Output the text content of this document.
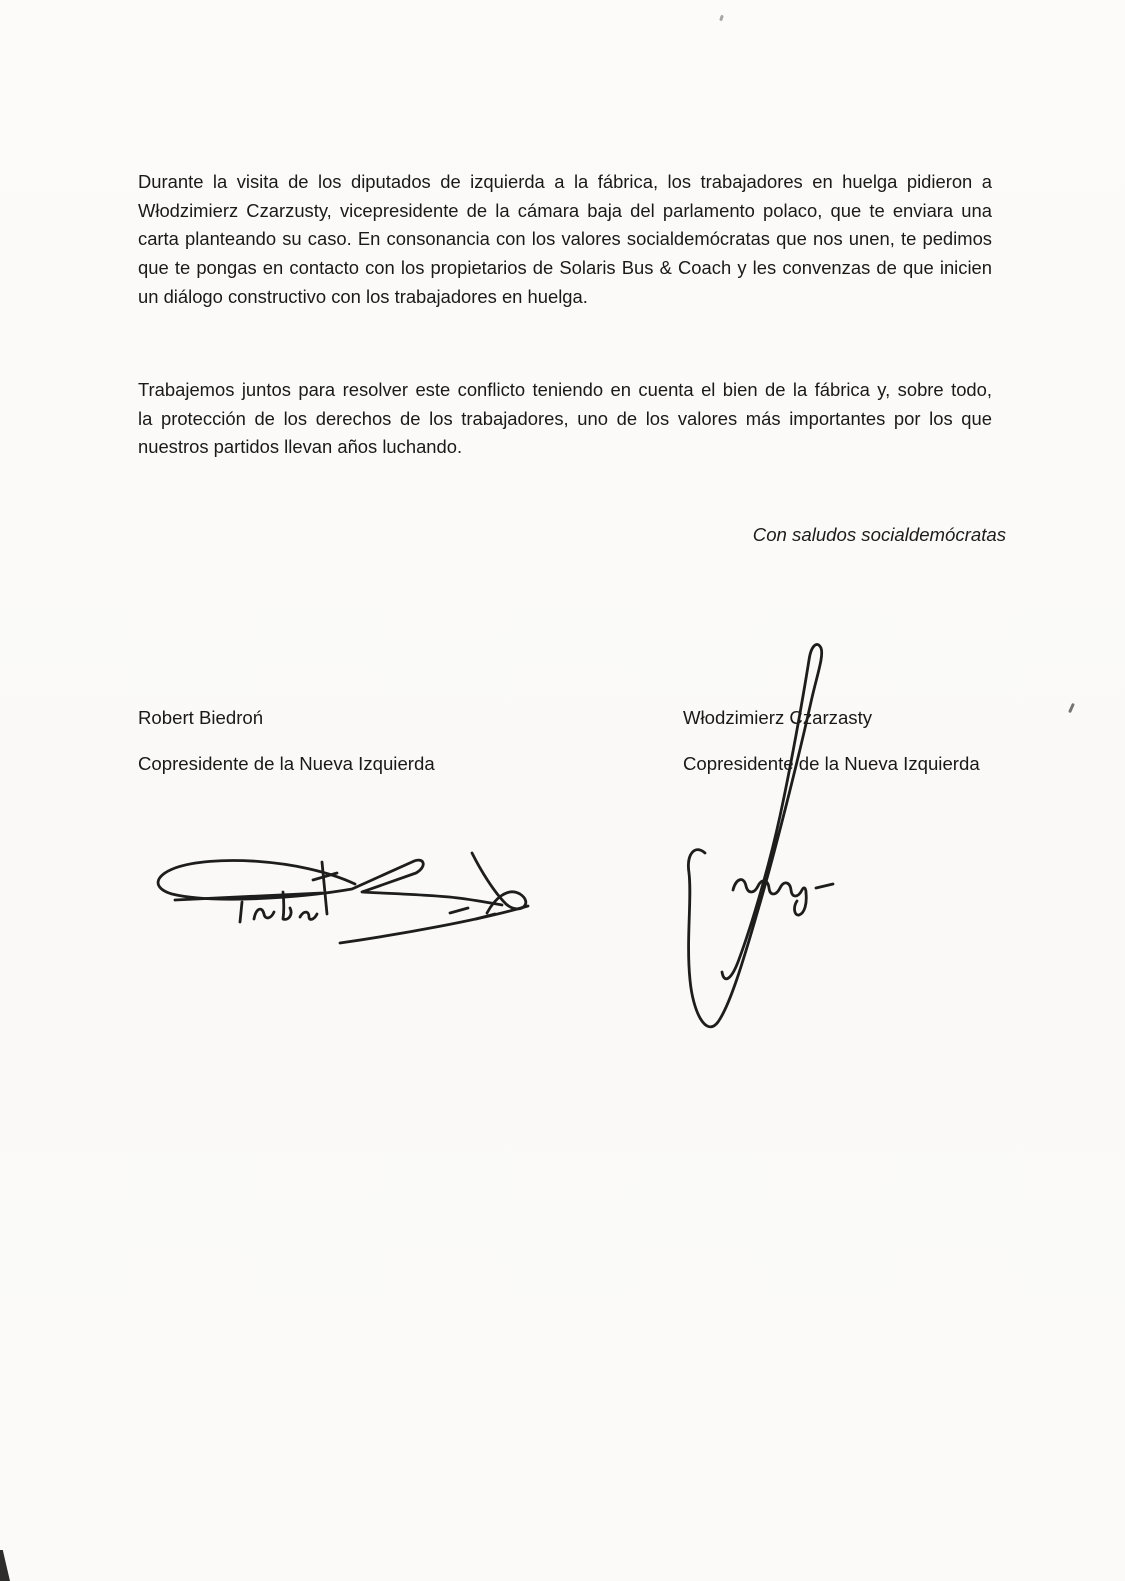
Durante la visita de los diputados de izquierda a la fábrica, los trabajadores en huelga pidieron a
Włodzimierz Czarzusty, vicepresidente de la cámara baja del parlamento polaco, que te enviara una
carta planteando su caso. En consonancia con los valores socialdemócratas que nos unen, te pedimos
que te pongas en contacto con los propietarios de Solaris Bus & Coach y les convenzas de que inicien
un diálogo constructivo con los trabajadores en huelga.
Trabajemos juntos para resolver este conflicto teniendo en cuenta el bien de la fábrica y, sobre todo,
la protección de los derechos de los trabajadores, uno de los valores más importantes por los que
nuestros partidos llevan años luchando.
Con saludos socialdemócratas
Robert Biedroń
Copresidente de la Nueva Izquierda
Włodzimierz Czarzasty
Copresidente de la Nueva Izquierda
